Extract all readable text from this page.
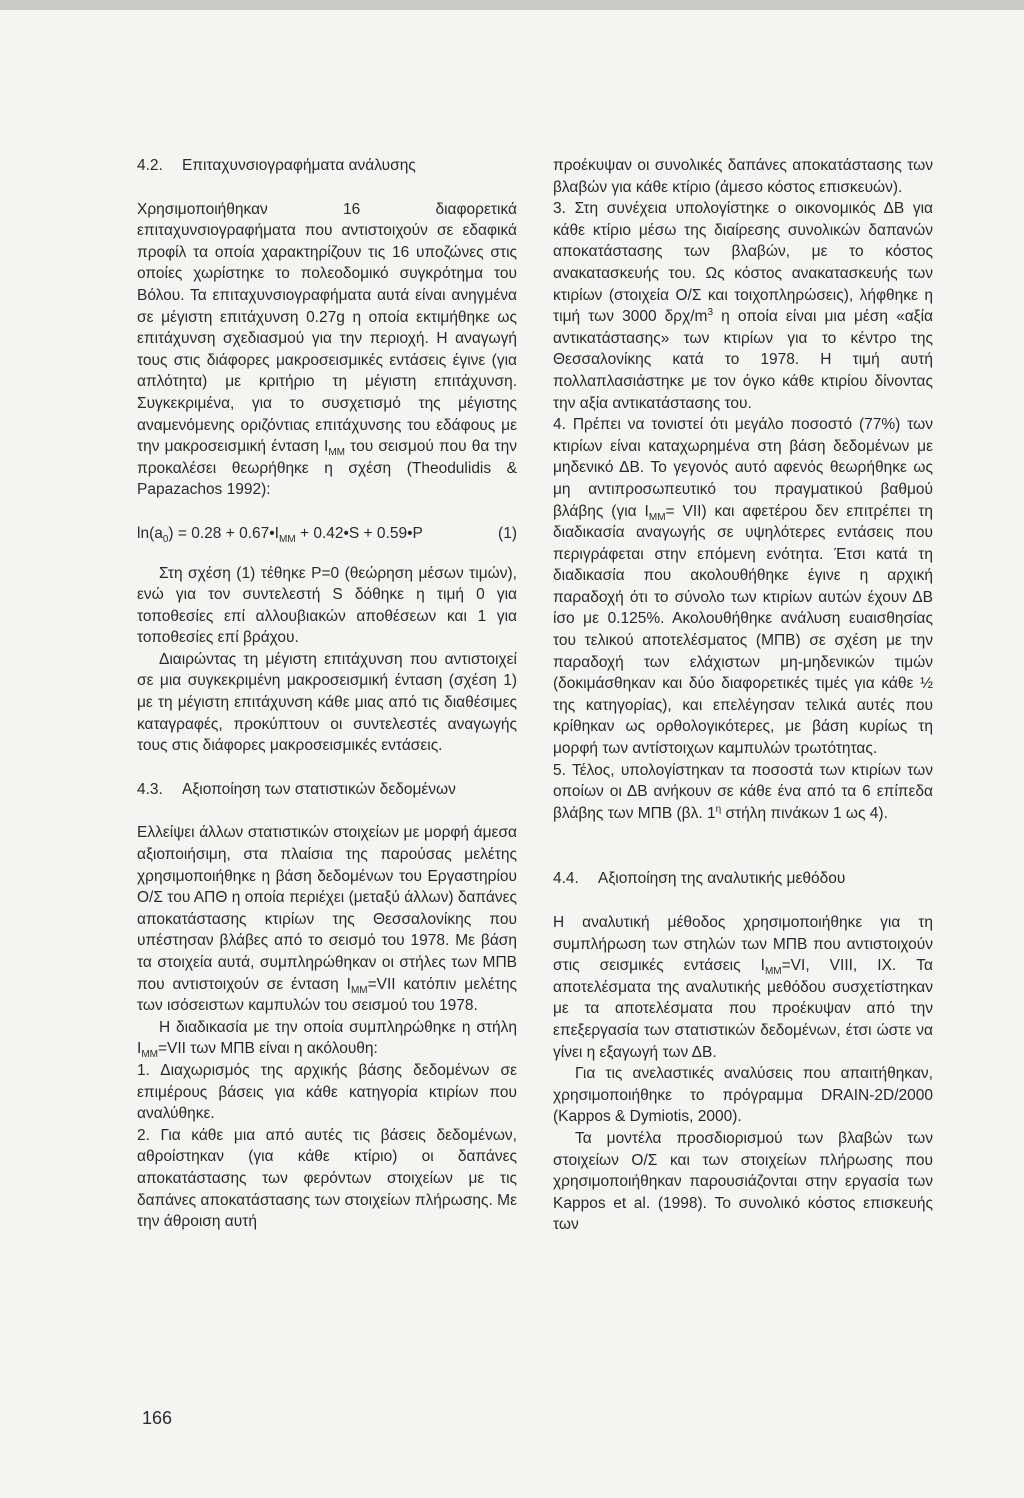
4.2. Επιταχυνσιογραφήματα ανάλυσης

Χρησιμοποιήθηκαν 16 διαφορετικά επιταχυνσιογραφήματα που αντιστοιχούν σε εδαφικά προφίλ τα οποία χαρακτηρίζουν τις 16 υποζώνες στις οποίες χωρίστηκε το πολεοδομικό συγκρότημα του Βόλου. Τα επιταχυνσιογραφήματα αυτά είναι ανηγμένα σε μέγιστη επιτάχυνση 0.27g η οποία εκτιμήθηκε ως επιτάχυνση σχεδιασμού για την περιοχή. Η αναγωγή τους στις διάφορες μακροσεισμικές εντάσεις έγινε (για απλότητα) με κριτήριο τη μέγιστη επιτάχυνση. Συγκεκριμένα, για το συσχετισμό της μέγιστης αναμενόμενης οριζόντιας επιτάχυνσης του εδάφους με την μακροσεισμική ένταση $I_{MM}$ του σεισμού που θα την προκαλέσει θεωρήθηκε η σχέση (Theodulidis & Papazachos 1992):

$\ln(a_0) = 0.28$ + $0.67•I_{MM}$ + 0.42•S + 0.59•P	(1)

Στη σχέση (1) τέθηκε P=0 (θεώρηση μέσων τιμών), ενώ για τον συντελεστή S δόθηκε η τιμή 0 για τοποθεσίες επί αλλουβιακών αποθέσεων και 1 για τοποθεσίες επί βράχου.

Διαιρώντας τη μέγιστη επιτάχυνση που αντιστοιχεί σε μια συγκεκριμένη μακροσεισμική ένταση (σχέση 1) με τη μέγιστη επιτάχυνση κάθε μιας από τις διαθέσιμες καταγραφές, προκύπτουν οι συντελεστές αναγωγής τους στις διάφορες μακροσεισμικές εντάσεις.

4.3. Αξιοποίηση των στατιστικών δεδομένων

Ελλείψει άλλων στατιστικών στοιχείων με μορφή άμεσα αξιοποιήσιμη, στα πλαίσια της παρούσας μελέτης χρησιμοποιήθηκε η βάση δεδομένων του Εργαστηρίου Ο/Σ του ΑΠΘ η οποία περιέχει (μεταξύ άλλων) δαπάνες αποκατάστασης κτιρίων της Θεσσαλονίκης που υπέστησαν βλάβες από το σεισμό του 1978. Με βάση τα στοιχεία αυτά, συμπληρώθηκαν οι στήλες των ΜΠΒ που αντιστοιχούν σε ένταση $I_{MM}=VII$ κατόπιν μελέτης των ισόσειστων καμπυλών του σεισμού του 1978.

Η διαδικασία με την οποία συμπληρώθηκε η στήλη $I_{MM}=VII$ των ΜΠΒ είναι η ακόλουθη:

1. Διαχωρισμός της αρχικής βάσης δεδομένων σε επιμέρους βάσεις για κάθε κατηγορία κτιρίων που αναλύθηκε.

2. Για κάθε μια από αυτές τις βάσεις δεδομένων, αθροίστηκαν (για κάθε κτίριο) οι δαπάνες αποκατάστασης των φερόντων στοιχείων με τις δαπάνες αποκατάστασης των στοιχείων πλήρωσης. Με την άθροιση αυτή

προέκυψαν οι συνολικές δαπάνες αποκατάστασης των βλαβών για κάθε κτίριο (άμεσο κόστος επισκευών).

3. Στη συνέχεια υπολογίστηκε ο οικονομικός ΔΒ για κάθε κτίριο μέσω της διαίρεσης συνολικών δαπανών αποκατάστασης των βλαβών, με το κόστος ανακατασκευής του. Ως κόστος ανακατασκευής των κτιρίων (στοιχεία Ο/Σ και τοιχοπληρώσεις), λήφθηκε η τιμή των 3000 δρχ/$m^3$ η οποία είναι μια μέση «αξία αντικατάστασης» των κτιρίων για το κέντρο της Θεσσαλονίκης κατά το 1978. Η τιμή αυτή πολλαπλασιάστηκε με τον όγκο κάθε κτιρίου δίνοντας την αξία αντικατάστασης του.

4. Πρέπει να τονιστεί ότι μεγάλο ποσοστό (77%) των κτιρίων είναι καταχωρημένα στη βάση δεδομένων με μηδενικό ΔΒ. Το γεγονός αυτό αφενός θεωρήθηκε ως μη αντιπροσωπευτικό του πραγματικού βαθμού βλάβης (για $I_{MM}= VII$) και αφετέρου δεν επιτρέπει τη διαδικασία αναγωγής σε υψηλότερες εντάσεις που περιγράφεται στην επόμενη ενότητα. Έτσι κατά τη διαδικασία που ακολουθήθηκε έγινε η αρχική παραδοχή ότι το σύνολο των κτιρίων αυτών έχουν ΔΒ ίσο με 0.125%. Ακολουθήθηκε ανάλυση ευαισθησίας του τελικού αποτελέσματος (ΜΠΒ) σε σχέση με την παραδοχή των ελάχιστων μη-μηδενικών τιμών (δοκιμάσθηκαν και δύο διαφορετικές τιμές για κάθε ½ της κατηγορίας), και επελέγησαν τελικά αυτές που κρίθηκαν ως ορθολογικότερες, με βάση κυρίως τη μορφή των αντίστοιχων καμπυλών τρωτότητας.

5. Τέλος, υπολογίστηκαν τα ποσοστά των κτιρίων των οποίων οι ΔΒ ανήκουν σε κάθε ένα από τα 6 επίπεδα βλάβης των ΜΠΒ (βλ. $1^\eta$ στήλη πινάκων 1 ως 4).

4.4. Αξιοποίηση της αναλυτικής μεθόδου

Η αναλυτική μέθοδος χρησιμοποιήθηκε για τη συμπλήρωση των στηλών των ΜΠΒ που αντιστοιχούν στις σεισμικές εντάσεις $I_{MM}=VI$, VIII, IX. Τα αποτελέσματα της αναλυτικής μεθόδου συσχετίστηκαν με τα αποτελέσματα που προέκυψαν από την επεξεργασία των στατιστικών δεδομένων, έτσι ώστε να γίνει η εξαγωγή των ΔΒ.

Για τις ανελαστικές αναλύσεις που απαιτήθηκαν, χρησιμοποιήθηκε το πρόγραμμα DRAIN-2D/2000 (Kappos & Dymiotis, 2000).

Τα μοντέλα προσδιορισμού των βλαβών των στοιχείων Ο/Σ και των στοιχείων πλήρωσης που χρησιμοποιήθηκαν παρουσιάζονται στην εργασία των Kappos et al. (1998). Το συνολικό κόστος επισκευής των

166
